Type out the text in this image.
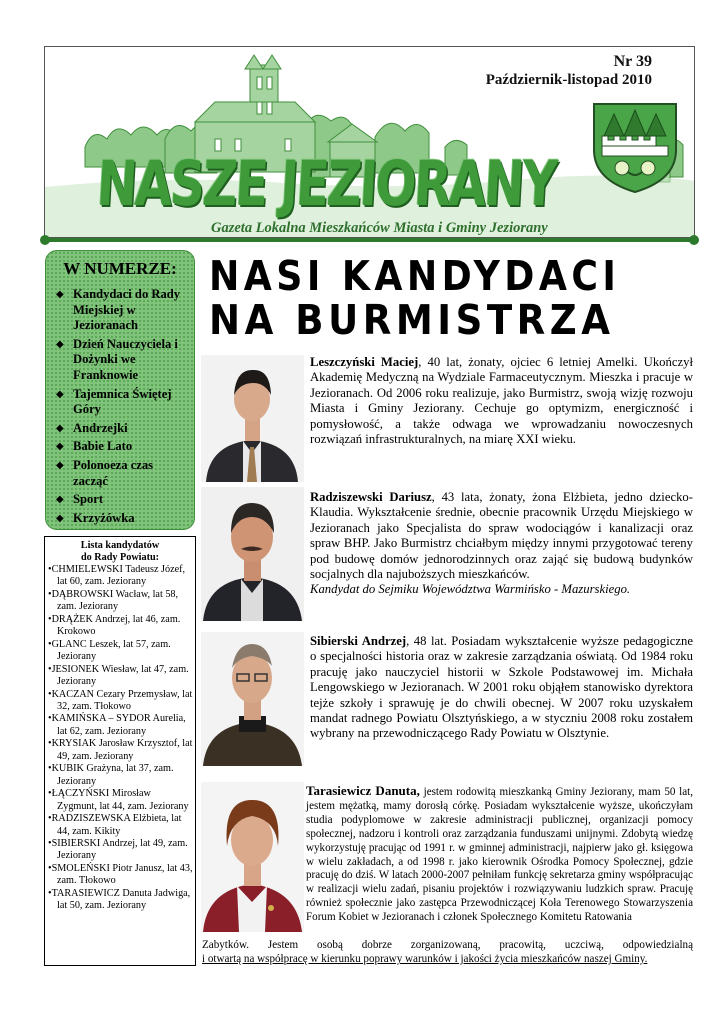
Nr 39
Październik-listopad 2010
NASZE JEZIORANY
Gazeta Lokalna Mieszkańców Miasta i Gminy Jeziorany
W NUMERZE:
◆ Kandydaci do Rady Miejskiej w Jezioranach
◆ Dzień Nauczyciela i Dożynki we Franknowie
◆ Tajemnica Świętej Góry
◆ Andrzejki
◆ Babie Lato
◆ Polonoeza czas zacząć
◆ Sport
◆ Krzyżówka
Lista kandydatów
do Rady Powiatu:
•CHMIELEWSKI Tadeusz Józef, lat 60, zam. Jeziorany
•DĄBROWSKI Wacław, lat 58, zam. Jeziorany
•DRĄŻEK Andrzej, lat 46, zam. Krokowo
•GLANC Leszek, lat 57, zam. Jeziorany
•JESIONEK Wiesław, lat 47, zam. Jeziorany
•KACZAN Cezary Przemysław, lat 32, zam. Tłokowo
•KAMIŃSKA – SYDOR Aurelia, lat 62, zam. Jeziorany
•KRYSIAK Jarosław Krzysztof, lat 49, zam. Jeziorany
•KUBIK Grażyna, lat 37, zam. Jeziorany
•ŁĄCZYŃSKI Mirosław Zygmunt, lat 44, zam. Jeziorany
•RADZISZEWSKA Elżbieta, lat 44, zam. Kikity
•SIBIERSKI Andrzej, lat 49, zam. Jeziorany
•SMOLEŃSKI Piotr Janusz, lat 43, zam. Tłokowo
•TARASIEWICZ Danuta Jadwiga, lat 50, zam. Jeziorany
NASI KANDYDACI
NA BURMISTRZA
Leszczyński Maciej, 40 lat, żonaty, ojciec 6 letniej Amelki. Ukończył Akademię Medyczną na Wydziale Farmaceutycznym. Mieszka i pracuje w Jezioranach. Od 2006 roku realizuje, jako Burmistrz, swoją wizję rozwoju Miasta i Gminy Jeziorany. Cechuje go optymizm, energiczność i pomysłowość, a także odwaga we wprowadzaniu nowoczesnych rozwiązań infrastrukturalnych, na miarę XXI wieku.
Radziszewski Dariusz, 43 lata, żonaty, żona Elżbieta, jedno dziecko-Klaudia. Wykształcenie średnie, obecnie pracownik Urzędu Miejskiego w Jezioranach jako Specjalista do spraw wodociągów i kanalizacji oraz spraw BHP. Jako Burmistrz chciałbym między innymi przygotować tereny pod budowę domów jednorodzinnych oraz zająć się budową budynków socjalnych dla najuboższych mieszkańców.
Kandydat do Sejmiku Województwa Warmińsko - Mazurskiego.
Sibierski Andrzej, 48 lat. Posiadam wykształcenie wyższe pedagogiczne o specjalności historia oraz w zakresie zarządzania oświatą. Od 1984 roku pracuję jako nauczyciel historii w Szkole Podstawowej im. Michała Lengowskiego w Jezioranach. W 2001 roku objąłem stanowisko dyrektora tejże szkoły i sprawuję je do chwili obecnej. W 2007 roku uzyskałem mandat radnego Powiatu Olsztyńskiego, a w styczniu 2008 roku zostałem wybrany na przewodniczącego Rady Powiatu w Olsztynie.
Tarasiewicz Danuta, jestem rodowitą mieszkanką Gminy Jeziorany, mam 50 lat, jestem mężatką, mamy dorosłą córkę. Posiadam wykształcenie wyższe, ukończyłam studia podyplomowe w zakresie administracji publicznej, organizacji pomocy społecznej, nadzoru i kontroli oraz zarządzania funduszami unijnymi. Zdobytą wiedzę wykorzystuję pracując od 1991 r. w gminnej administracji, najpierw jako gł. księgowa w wielu zakładach, a od 1998 r. jako kierownik Ośrodka Pomocy Społecznej, gdzie pracuję do dziś. W latach 2000-2007 pełniłam funkcję sekretarza gminy współpracując w realizacji wielu zadań, pisaniu projektów i rozwiązywaniu ludzkich spraw. Pracuję również społecznie jako zastępca Przewodniczącej Koła Terenowego Stowarzyszenia Forum Kobiet w Jezioranach i członek Społecznego Komitetu Ratowania
Zabytków. Jestem osobą dobrze zorganizowaną, pracowitą, uczciwą, odpowiedzialną
i otwartą na współpracę w kierunku poprawy warunków i jakości życia mieszkańców naszej Gminy.
